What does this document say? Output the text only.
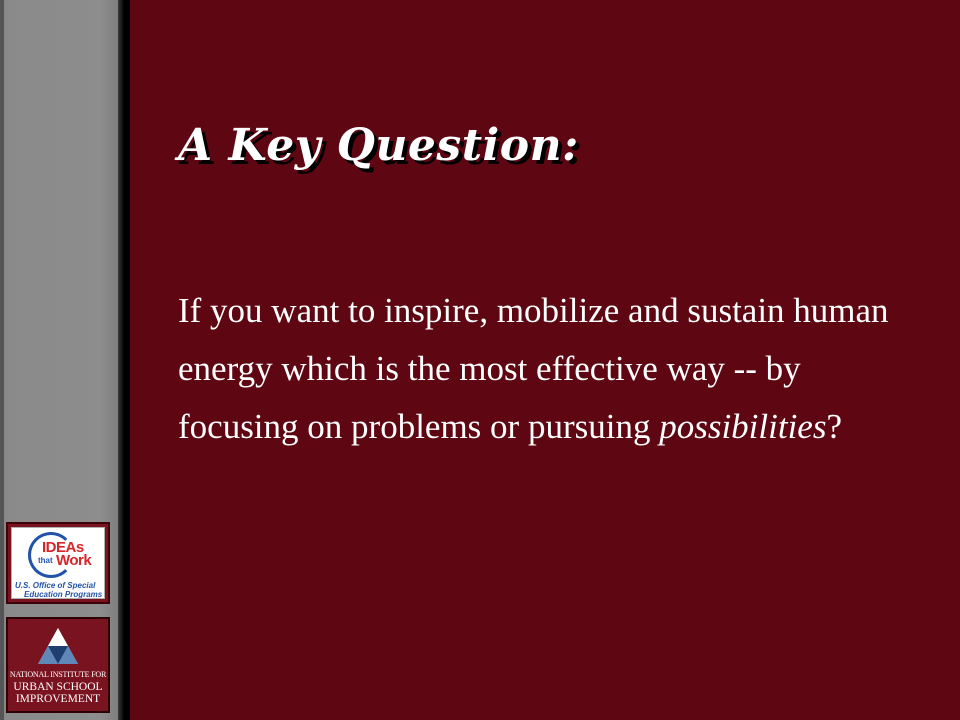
A Key Question:

If you want to inspire, mobilize and sustain human energy which is the most effective way -- by focusing on problems or pursuing possibilities?

IDEAs
that Work
U.S. Office of Special
Education Programs
NATIONAL INSTITUTE FOR
URBAN SCHOOL
IMPROVEMENT
